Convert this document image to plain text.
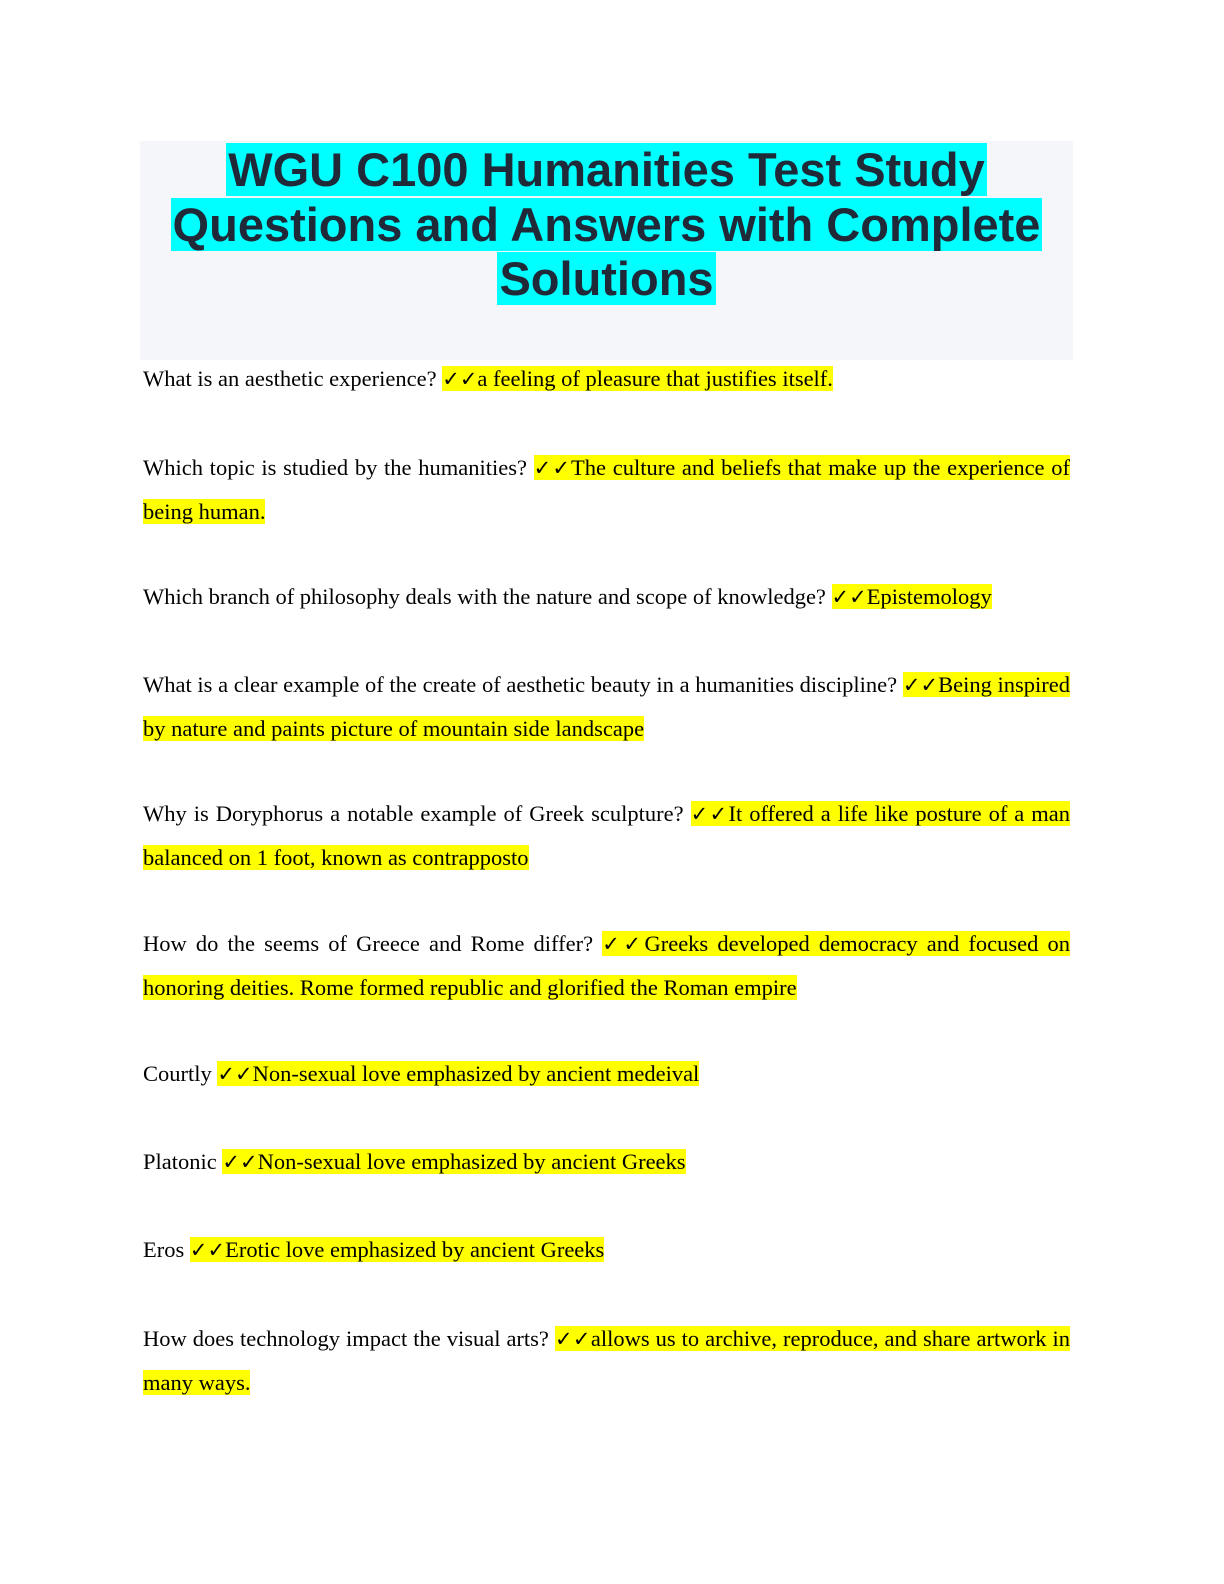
WGU C100 Humanities Test Study
Questions and Answers with Complete
Solutions

What is an aesthetic experience? ✓✓a feeling of pleasure that justifies itself.

Which topic is studied by the humanities? ✓✓The culture and beliefs that make up the experience of being human.

Which branch of philosophy deals with the nature and scope of knowledge? ✓✓Epistemology

What is a clear example of the create of aesthetic beauty in a humanities discipline? ✓✓Being inspired by nature and paints picture of mountain side landscape

Why is Doryphorus a notable example of Greek sculpture? ✓✓It offered a life like posture of a man balanced on 1 foot, known as contrapposto

How do the seems of Greece and Rome differ? ✓✓Greeks developed democracy and focused on honoring deities. Rome formed republic and glorified the Roman empire

Courtly ✓✓Non-sexual love emphasized by ancient medeival

Platonic ✓✓Non-sexual love emphasized by ancient Greeks

Eros ✓✓Erotic love emphasized by ancient Greeks

How does technology impact the visual arts? ✓✓allows us to archive, reproduce, and share artwork in many ways.
